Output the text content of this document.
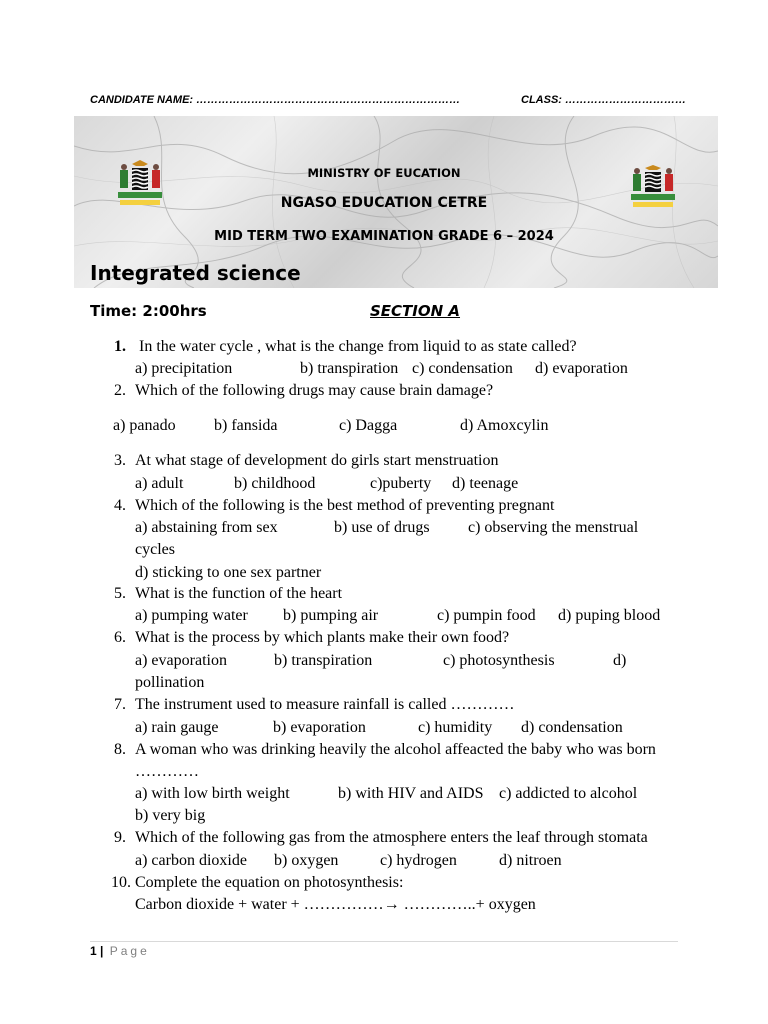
CANDIDATE NAME: ………………………………………………………………	CLASS: ……………………………
MINISTRY OF EUCATION
NGASO EDUCATION CETRE
MID TERM TWO EXAMINATION GRADE 6 – 2024
Integrated science
Time: 2:00hrs	SECTION A
1. In the water cycle , what is the change from liquid to as state called?
a) precipitation	b) transpiration c) condensation d) evaporation
2. Which of the following drugs may cause brain damage?
a) panado b) fansida	c) Dagga	d) Amoxcylin
3. At what stage of development do girls start menstruation
a) adult	b) childhood	c)puberty d) teenage
4. Which of the following is the best method of preventing pregnant
a) abstaining from sex	b) use of drugs c) observing the menstrual
cycles
d) sticking to one sex partner
5. What is the function of the heart
a) pumping water b) pumping air	c) pumpin food d) puping blood
6. What is the process by which plants make their own food?
a) evaporation	b) transpiration	c) photosynthesis	d)
pollination
7. The instrument used to measure rainfall is called …………
a) rain gauge	b) evaporation	c) humidity d) condensation
8. A woman who was drinking heavily the alcohol affeacted the baby who was born
…………
a) with low birth weight	b) with HIV and AIDS c) addicted to alcohol
b) very big
9. Which of the following gas from the atmosphere enters the leaf through stomata
a) carbon dioxide b) oxygen	c) hydrogen	d) nitroen
10. Complete the equation on photosynthesis:
Carbon dioxide + water + ……………→ …………..+ oxygen
1 | Page
